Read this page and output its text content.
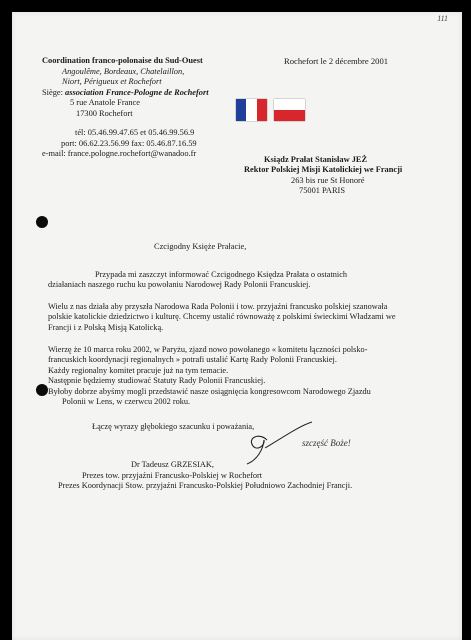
111
Coordination franco-polonaise du Sud-Ouest
Angoulême, Bordeaux, Chatelaillon,
Niort, Périgueux et Rochefort
Siège: association France-Pologne de Rochefort
5 rue Anatole France
17300 Rochefort
tél: 05.46.99.47.65 et 05.46.99.56.9
port: 06.62.23.56.99 fax: 05.46.87.16.59
e-mail: france.pologne.rochefort@wanadoo.fr
Rochefort le 2 décembre 2001
Ksiądz Prałat Stanisław JEŻ
Rektor Polskiej Misji Katolickiej we Francji
263 bis rue St Honoré
75001 PARIS
Czcigodny Księże Prałacie,
Przypada mi zaszczyt informować Czcigodnego Księdza Prałata o ostatnich
działaniach naszego ruchu ku powołaniu Narodowej Rady Polonii Francuskiej.
Wielu z nas działa aby przyszła Narodowa Rada Polonii i tow. przyjaźni francusko polskiej szanowała
polskie katolickie dziedzictwo i kulturę. Chcemy ustalić równoważę z polskimi świeckimi Władzami we
Francji i z Polską Misją Katolicką.
Wierzę że 10 marca roku 2002, w Paryżu, zjazd nowo powołanego « komitetu łączności polsko-
francuskich koordynacji regionalnych » potrafi ustalić Kartę Rady Polonii Francuskiej.
Każdy regionalny komitet pracuje już na tym temacie.
Następnie będziemy studiować Statuty Rady Polonii Francuskiej.
Byłoby dobrze abyśmy mogli przedstawić nasze osiągnięcia kongresowcom Narodowego Zjazdu
Polonii w Lens, w czerwcu 2002 roku.
Łączę wyrazy głębokiego szacunku i poważania,
szczęść Boże!
Dr Tadeusz GRZESIAK,
Prezes tow. przyjaźni Francusko-Polskiej w Rochefort
Prezes Koordynacji Stow. przyjaźni Francusko-Polskiej Południowo Zachodniej Francji.
